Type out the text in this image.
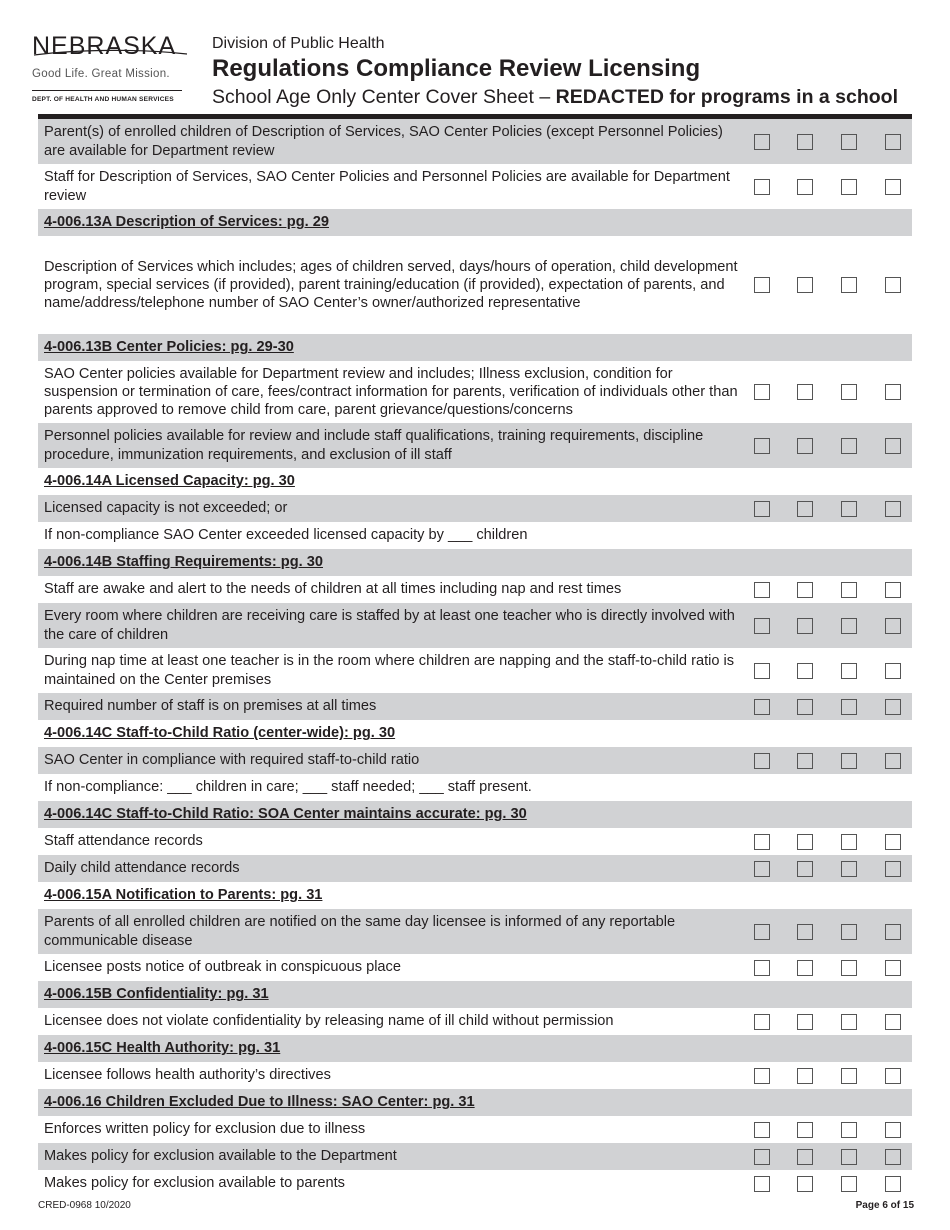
NEBRASKA
Good Life. Great Mission.
DEPT. OF HEALTH AND HUMAN SERVICES
Division of Public Health
Regulations Compliance Review Licensing
School Age Only Center Cover Sheet – REDACTED for programs in a school
Parent(s) of enrolled children of Description of Services, SAO Center Policies (except Personnel Policies) are available for Department review
Staff for Description of Services, SAO Center Policies and Personnel Policies are available for Department review
4-006.13A Description of Services: pg. 29
Description of Services which includes; ages of children served, days/hours of operation, child development program, special services (if provided), parent training/education (if provided), expectation of parents, and name/address/telephone number of SAO Center’s owner/authorized representative
4-006.13B Center Policies: pg. 29-30
SAO Center policies available for Department review and includes; Illness exclusion, condition for suspension or termination of care, fees/contract information for parents, verification of individuals other than parents approved to remove child from care, parent grievance/questions/concerns
Personnel policies available for review and include staff qualifications, training requirements, discipline procedure, immunization requirements, and exclusion of ill staff
4-006.14A Licensed Capacity: pg. 30
Licensed capacity is not exceeded; or
If non-compliance SAO Center exceeded licensed capacity by ___ children
4-006.14B Staffing Requirements: pg. 30
Staff are awake and alert to the needs of children at all times including nap and rest times
Every room where children are receiving care is staffed by at least one teacher who is directly involved with the care of children
During nap time at least one teacher is in the room where children are napping and the staff-to-child ratio is maintained on the Center premises
Required number of staff is on premises at all times
4-006.14C Staff-to-Child Ratio (center-wide): pg. 30
SAO Center in compliance with required staff-to-child ratio
If non-compliance: ___ children in care; ___ staff needed; ___ staff present.
4-006.14C Staff-to-Child Ratio: SOA Center maintains accurate: pg. 30
Staff attendance records
Daily child attendance records
4-006.15A Notification to Parents: pg. 31
Parents of all enrolled children are notified on the same day licensee is informed of any reportable communicable disease
Licensee posts notice of outbreak in conspicuous place
4-006.15B Confidentiality: pg. 31
Licensee does not violate confidentiality by releasing name of ill child without permission
4-006.15C Health Authority: pg. 31
Licensee follows health authority’s directives
4-006.16 Children Excluded Due to Illness: SAO Center: pg. 31
Enforces written policy for exclusion due to illness
Makes policy for exclusion available to the Department
Makes policy for exclusion available to parents
CRED-0968 10/2020	Page 6 of 15
